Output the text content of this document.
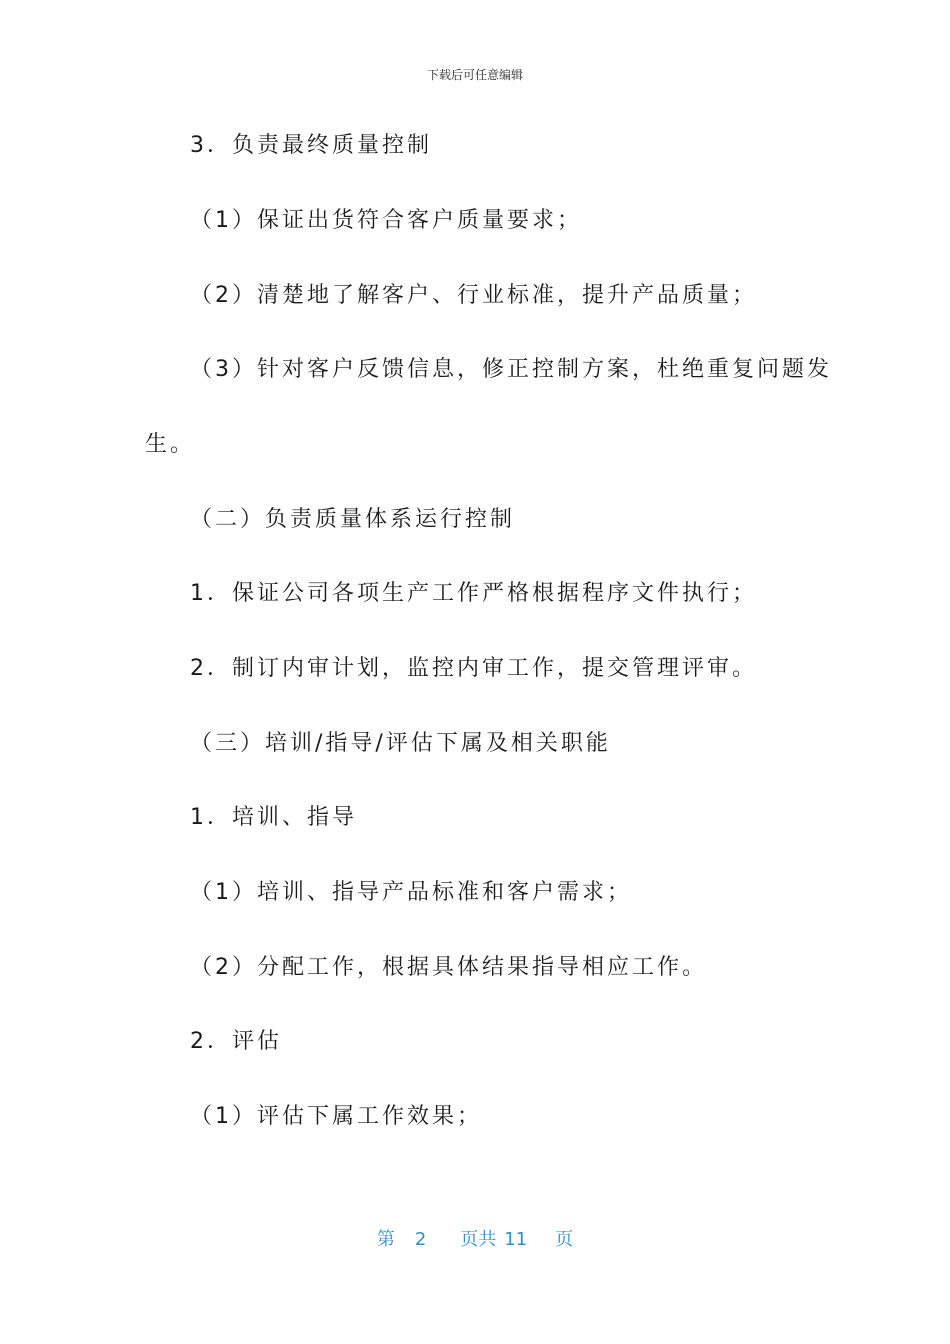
下载后可任意编辑
3．负责最终质量控制
（1）保证出货符合客户质量要求；
（2）清楚地了解客户、行业标准，提升产品质量；
（3）针对客户反馈信息，修正控制方案，杜绝重复问题发
生。
（二）负责质量体系运行控制
1．保证公司各项生产工作严格根据程序文件执行；
2．制订内审计划，监控内审工作，提交管理评审。
（三）培训/指导/评估下属及相关职能
1．培训、指导
（1）培训、指导产品标准和客户需求；
（2）分配工作，根据具体结果指导相应工作。
2．评估
（1）评估下属工作效果；
第 2 页共 11 页
